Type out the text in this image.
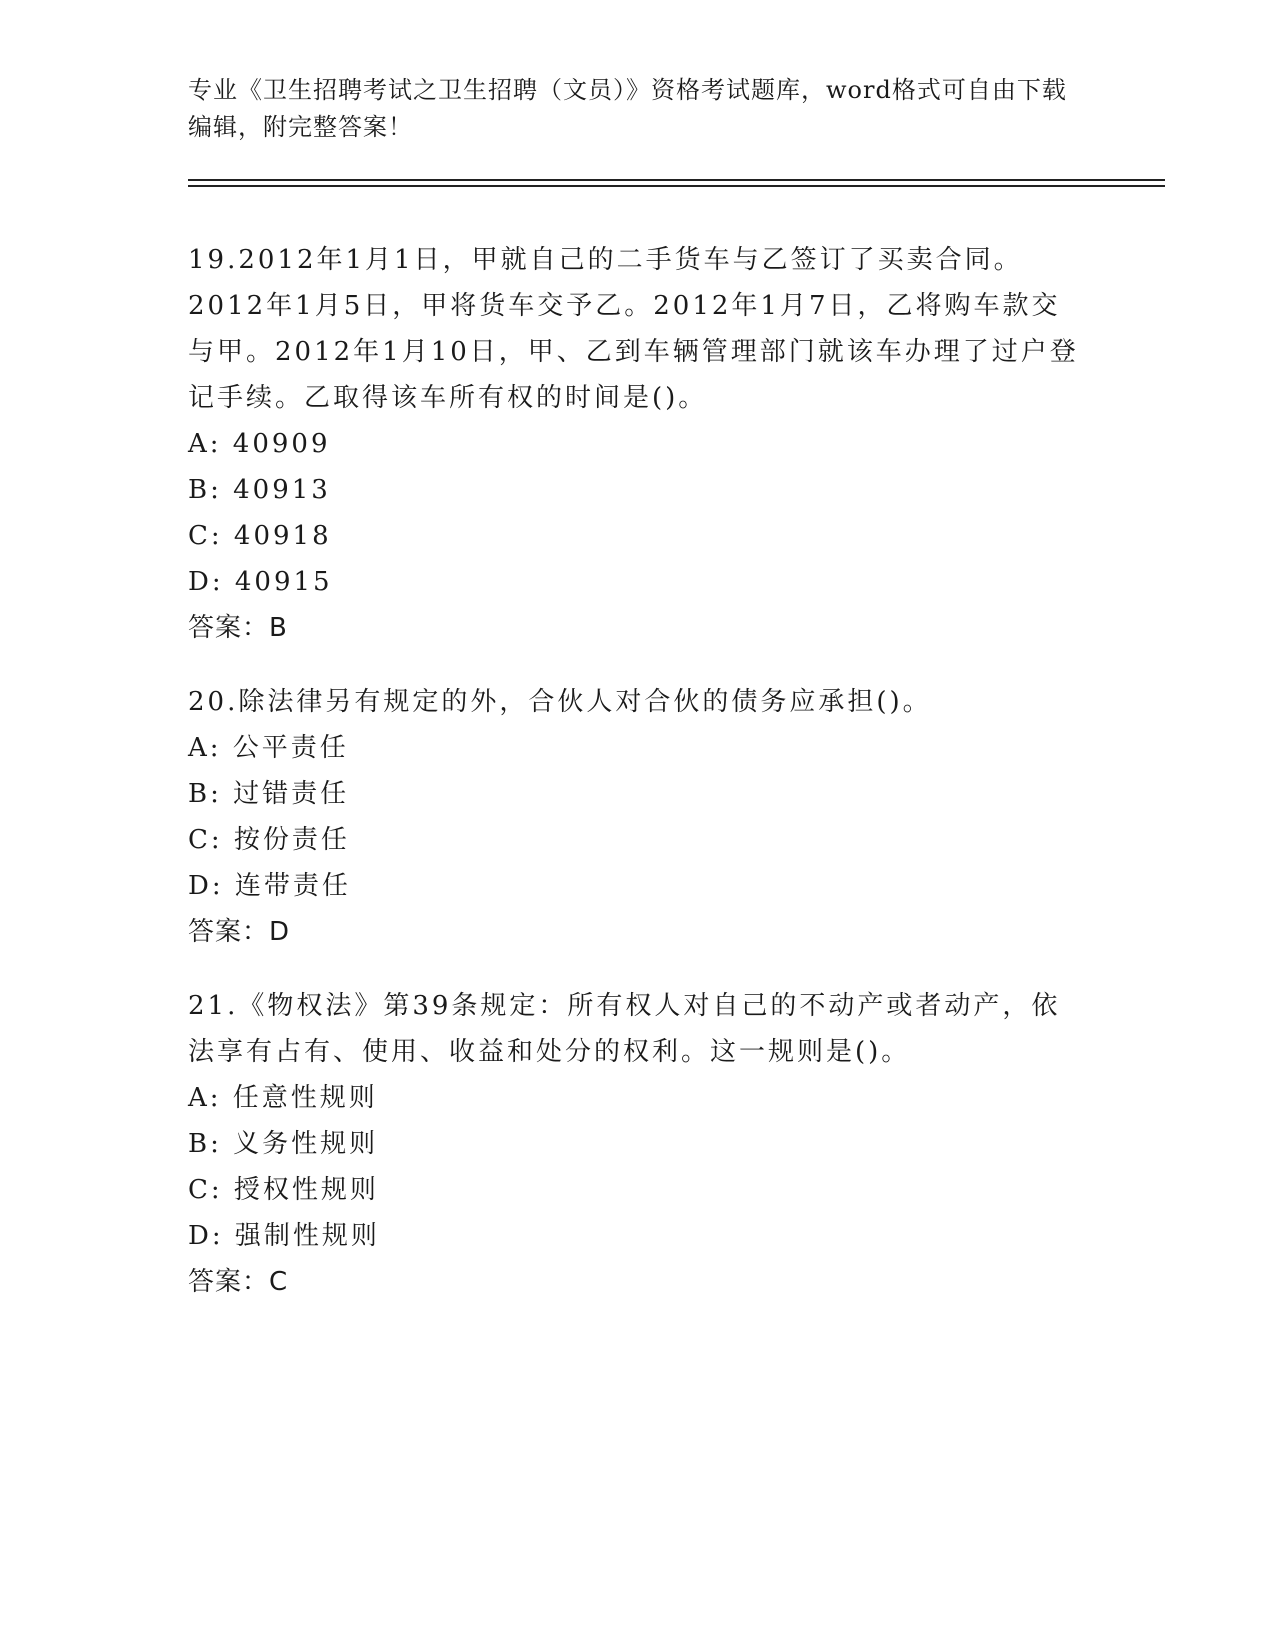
专业《卫生招聘考试之卫生招聘（文员）》资格考试题库，word格式可自由下载编辑，附完整答案！

19.2012年1月1日，甲就自己的二手货车与乙签订了买卖合同。2012年1月5日，甲将货车交予乙。2012年1月7日，乙将购车款交与甲。2012年1月10日，甲、乙到车辆管理部门就该车办理了过户登记手续。乙取得该车所有权的时间是()。

A: 40909
B: 40913
C: 40918
D: 40915
答案：B

20.除法律另有规定的外，合伙人对合伙的债务应承担()。

A: 公平责任
B: 过错责任
C: 按份责任
D: 连带责任
答案：D

21.《物权法》第39条规定：所有权人对自己的不动产或者动产，依法享有占有、使用、收益和处分的权利。这一规则是()。

A: 任意性规则
B: 义务性规则
C: 授权性规则
D: 强制性规则
答案：C
